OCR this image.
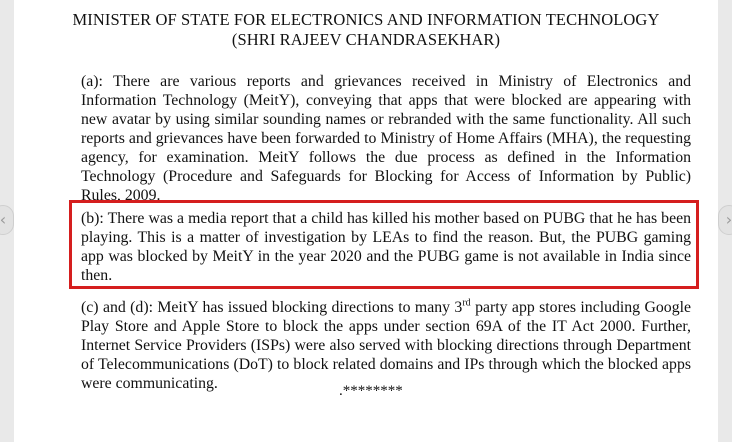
MINISTER OF STATE FOR ELECTRONICS AND INFORMATION TECHNOLOGY
(SHRI RAJEEV CHANDRASEKHAR)
(a): There are various reports and grievances received in Ministry of Electronics and Information Technology (MeitY), conveying that apps that were blocked are appearing with new avatar by using similar sounding names or rebranded with the same functionality. All such reports and grievances have been forwarded to Ministry of Home Affairs (MHA), the requesting agency, for examination. MeitY follows the due process as defined in the Information Technology (Procedure and Safeguards for Blocking for Access of Information by Public) Rules, 2009.
(b): There was a media report that a child has killed his mother based on PUBG that he has been playing. This is a matter of investigation by LEAs to find the reason. But, the PUBG gaming app was blocked by MeitY in the year 2020 and the PUBG game is not available in India since then.
(c) and (d): MeitY has issued blocking directions to many 3rd party app stores including Google Play Store and Apple Store to block the apps under section 69A of the IT Act 2000. Further, Internet Service Providers (ISPs) were also served with blocking directions through Department of Telecommunications (DoT) to block related domains and IPs through which the blocked apps were communicating.	.********
‹	›
